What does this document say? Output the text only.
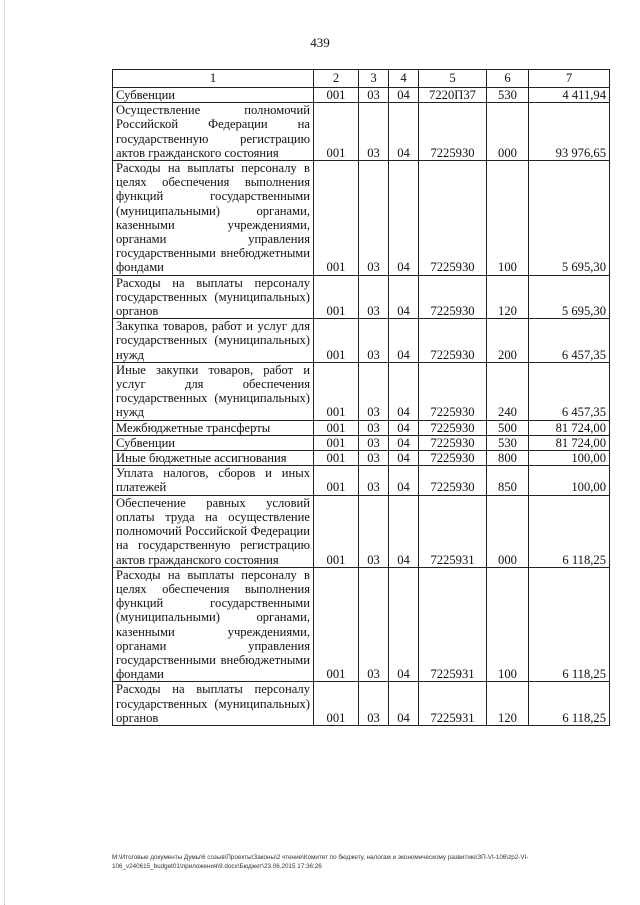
439
1	2	3	4	5	6	7
Субвенции	001	03	04	7220П37	530	4 411,94
Осуществление полномочий Российской Федерации на государственную регистрацию актов гражданского состояния	001	03	04	7225930	000	93 976,65
Расходы на выплаты персоналу в целях обеспечения выполнения функций государственными (муниципальными) органами, казенными учреждениями, органами управления государственными внебюджетными фондами	001	03	04	7225930	100	5 695,30
Расходы на выплаты персоналу государственных (муниципальных) органов	001	03	04	7225930	120	5 695,30
Закупка товаров, работ и услуг для государственных (муниципальных) нужд	001	03	04	7225930	200	6 457,35
Иные закупки товаров, работ и услуг для обеспечения государственных (муниципальных) нужд	001	03	04	7225930	240	6 457,35
Межбюджетные трансферты	001	03	04	7225930	500	81 724,00
Субвенции	001	03	04	7225930	530	81 724,00
Иные бюджетные ассигнования	001	03	04	7225930	800	100,00
Уплата налогов, сборов и иных платежей	001	03	04	7225930	850	100,00
Обеспечение равных условий оплаты труда на осуществление полномочий Российской Федерации на государственную регистрацию актов гражданского состояния	001	03	04	7225931	000	6 118,25
Расходы на выплаты персоналу в целях обеспечения выполнения функций государственными (муниципальными) органами, казенными учреждениями, органами управления государственными внебюджетными фондами	001	03	04	7225931	100	6 118,25
Расходы на выплаты персоналу государственных (муниципальных) органов	001	03	04	7225931	120	6 118,25
M:\Итоговые документы Думы\6 созыв\Проекты\Законы\2 чтение\Комитет по бюджету, налогам и экономическому развитию\ЗП-VI-106\zp2-VI-106_v240615_budget01\приложения\9.docx\Бюджет\23.06.2015 17:36:26
